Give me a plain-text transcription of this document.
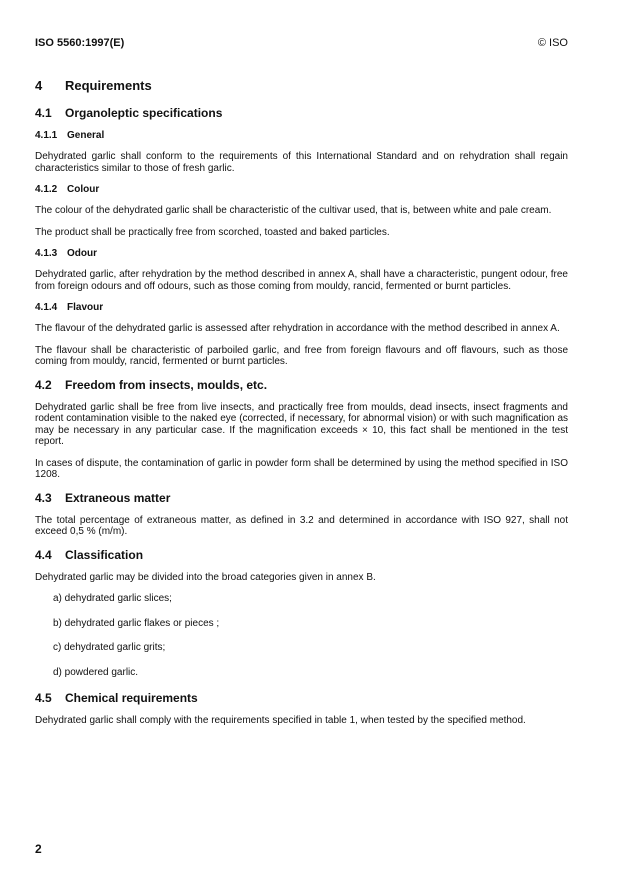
ISO 5560:1997(E)	© ISO
4 Requirements
4.1 Organoleptic specifications
4.1.1 General

Dehydrated garlic shall conform to the requirements of this International Standard and on rehydration shall regain characteristics similar to those of fresh garlic.

4.1.2 Colour

The colour of the dehydrated garlic shall be characteristic of the cultivar used, that is, between white and pale cream.

The product shall be practically free from scorched, toasted and baked particles.

4.1.3 Odour

Dehydrated garlic, after rehydration by the method described in annex A, shall have a characteristic, pungent odour, free from foreign odours and off odours, such as those coming from mouldy, rancid, fermented or burnt particles.

4.1.4 Flavour

The flavour of the dehydrated garlic is assessed after rehydration in accordance with the method described in annex A.

The flavour shall be characteristic of parboiled garlic, and free from foreign flavours and off flavours, such as those coming from mouldy, rancid, fermented or burnt particles.

4.2 Freedom from insects, moulds, etc.

Dehydrated garlic shall be free from live insects, and practically free from moulds, dead insects, insect fragments and rodent contamination visible to the naked eye (corrected, if necessary, for abnormal vision) or with such magnification as may be necessary in any particular case. If the magnification exceeds × 10, this fact shall be mentioned in the test report.

In cases of dispute, the contamination of garlic in powder form shall be determined by using the method specified in ISO 1208.

4.3 Extraneous matter

The total percentage of extraneous matter, as defined in 3.2 and determined in accordance with ISO 927, shall not exceed 0,5 % (m/m).

4.4 Classification

Dehydrated garlic may be divided into the broad categories given in annex B.

a) dehydrated garlic slices;
b) dehydrated garlic flakes or pieces ;
c) dehydrated garlic grits;
d) powdered garlic.
4.5 Chemical requirements

Dehydrated garlic shall comply with the requirements specified in table 1, when tested by the specified method.

2
